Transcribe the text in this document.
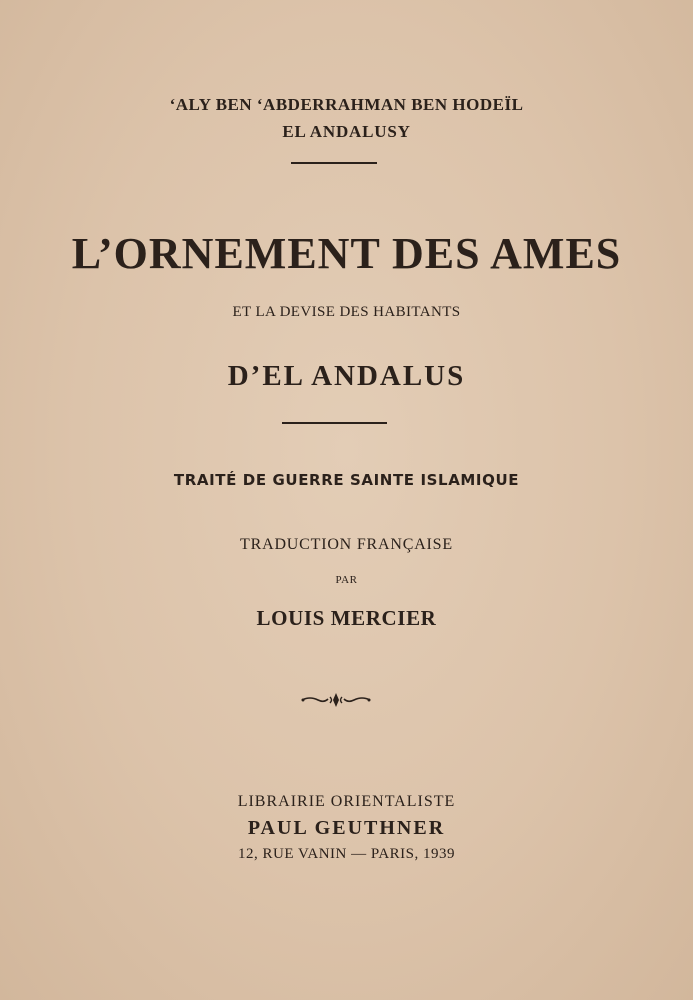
ʻALY BEN ʻABDERRAHMAN BEN HODEÏL
EL ANDALUSY
L’ORNEMENT DES AMES
ET LA DEVISE DES HABITANTS
D’EL ANDALUS
TRAITÉ DE GUERRE SAINTE ISLAMIQUE
TRADUCTION FRANÇAISE
PAR
LOUIS MERCIER
LIBRAIRIE ORIENTALISTE
PAUL GEUTHNER
12, RUE VANIN — PARIS, 1939
